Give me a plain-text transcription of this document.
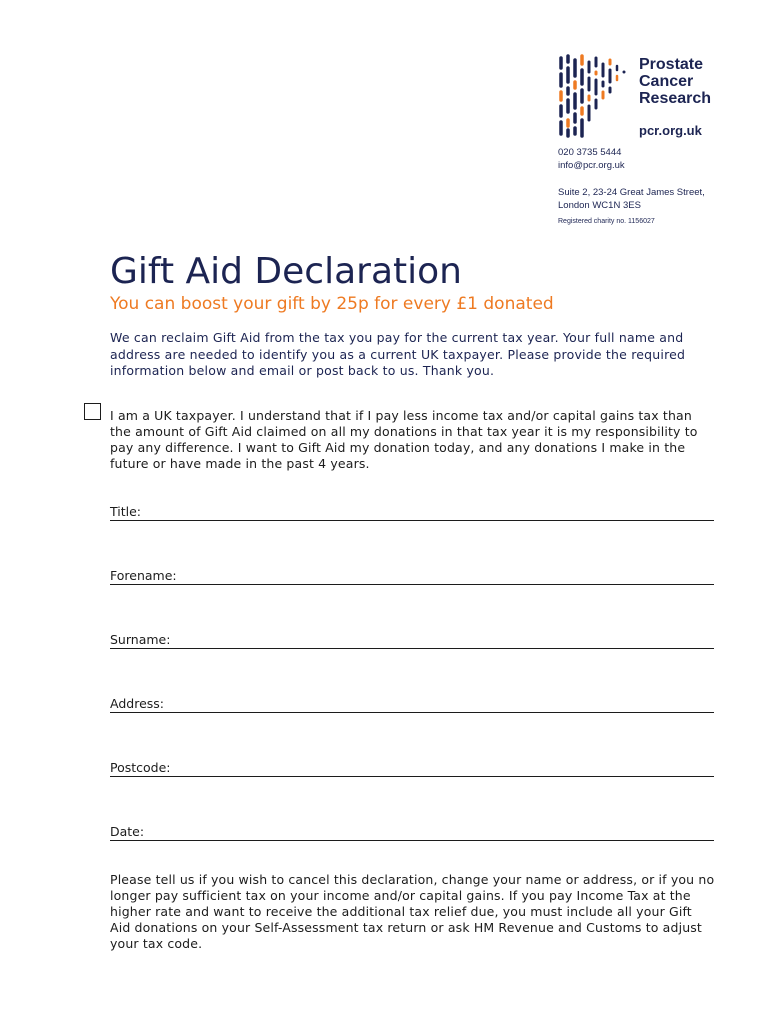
Prostate
Cancer
Research
pcr.org.uk
020 3735 5444
info@pcr.org.uk
Suite 2, 23-24 Great James Street,
London WC1N 3ES
Registered charity no. 1156027
Gift Aid Declaration
You can boost your gift by 25p for every £1 donated
We can reclaim Gift Aid from the tax you pay for the current tax year. Your full name and address are needed to identify you as a current UK taxpayer. Please provide the required information below and email or post back to us. Thank you.
I am a UK taxpayer. I understand that if I pay less income tax and/or capital gains tax than the amount of Gift Aid claimed on all my donations in that tax year it is my responsibility to pay any difference. I want to Gift Aid my donation today, and any donations I make in the future or have made in the past 4 years.
Title:
Forename:
Surname:
Address:
Postcode:
Date:
Please tell us if you wish to cancel this declaration, change your name or address, or if you no longer pay sufficient tax on your income and/or capital gains. If you pay Income Tax at the higher rate and want to receive the additional tax relief due, you must include all your Gift Aid donations on your Self-Assessment tax return or ask HM Revenue and Customs to adjust your tax code.
